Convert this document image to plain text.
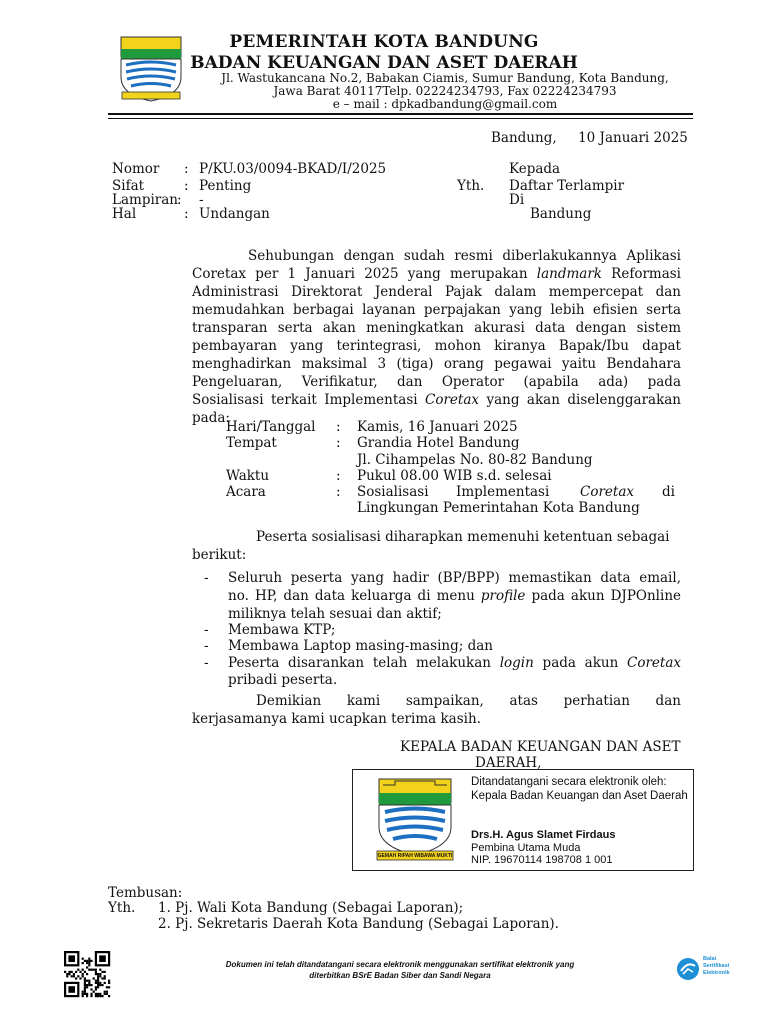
PEMERINTAH KOTA BANDUNG
BADAN KEUANGAN DAN ASET DAERAH
Jl. Wastukancana No.2, Babakan Ciamis, Sumur Bandung, Kota Bandung,
Jawa Barat 40117Telp. 02224234793, Fax 02224234793
e – mail : dpkadbandung@gmail.com
Bandung,     10 Januari 2025
Nomor : P/KU.03/0094-BKAD/I/2025
Sifat	: Penting
Lampiran : -
Hal	: Undangan
Kepada
Yth. Daftar Terlampir
Di
Bandung
Sehubungan dengan sudah resmi diberlakukannya Aplikasi
Coretax per 1 Januari 2025 yang merupakan landmark Reformasi
Administrasi Direktorat Jenderal Pajak dalam mempercepat dan
memudahkan berbagai layanan perpajakan yang lebih efisien serta
transparan serta akan meningkatkan akurasi data dengan sistem
pembayaran yang terintegrasi, mohon kiranya Bapak/Ibu dapat
menghadirkan maksimal 3 (tiga) orang pegawai yaitu Bendahara
Pengeluaran, Verifikatur, dan Operator (apabila ada) pada
Sosialisasi terkait Implementasi Coretax yang akan diselenggarakan
pada:
Hari/Tanggal : Kamis, 16 Januari 2025
Tempat	: Grandia Hotel Bandung
Jl. Cihampelas No. 80-82 Bandung
Waktu	: Pukul 08.00 WIB s.d. selesai
Acara	: Sosialisasi Implementasi Coretax di
Lingkungan Pemerintahan Kota Bandung
Peserta sosialisasi diharapkan memenuhi ketentuan sebagai
berikut:
- Seluruh peserta yang hadir (BP/BPP) memastikan data email,
no. HP, dan data keluarga di menu profile pada akun DJPOnline
miliknya telah sesuai dan aktif;
- Membawa KTP;
- Membawa Laptop masing-masing; dan
- Peserta disarankan telah melakukan login pada akun Coretax
pribadi peserta.
Demikian kami sampaikan, atas perhatian dan
kerjasamanya kami ucapkan terima kasih.
KEPALA BADAN KEUANGAN DAN ASET
DAERAH,
GEMAH RIPAH WIBAWA MUKTI
Ditandatangani secara elektronik oleh:
Kepala Badan Keuangan dan Aset Daerah
Drs.H. Agus Slamet Firdaus
Pembina Utama Muda
NIP. 19670114 198708 1 001
Tembusan:
Yth. 1. Pj. Wali Kota Bandung (Sebagai Laporan);
2. Pj. Sekretaris Daerah Kota Bandung (Sebagai Laporan).
Dokumen ini telah ditandatangani secara elektronik menggunakan sertifikat elektronik yang
diterbitkan BSrE Badan Siber dan Sandi Negara
Balai
Sertifikasi
Elektronik
